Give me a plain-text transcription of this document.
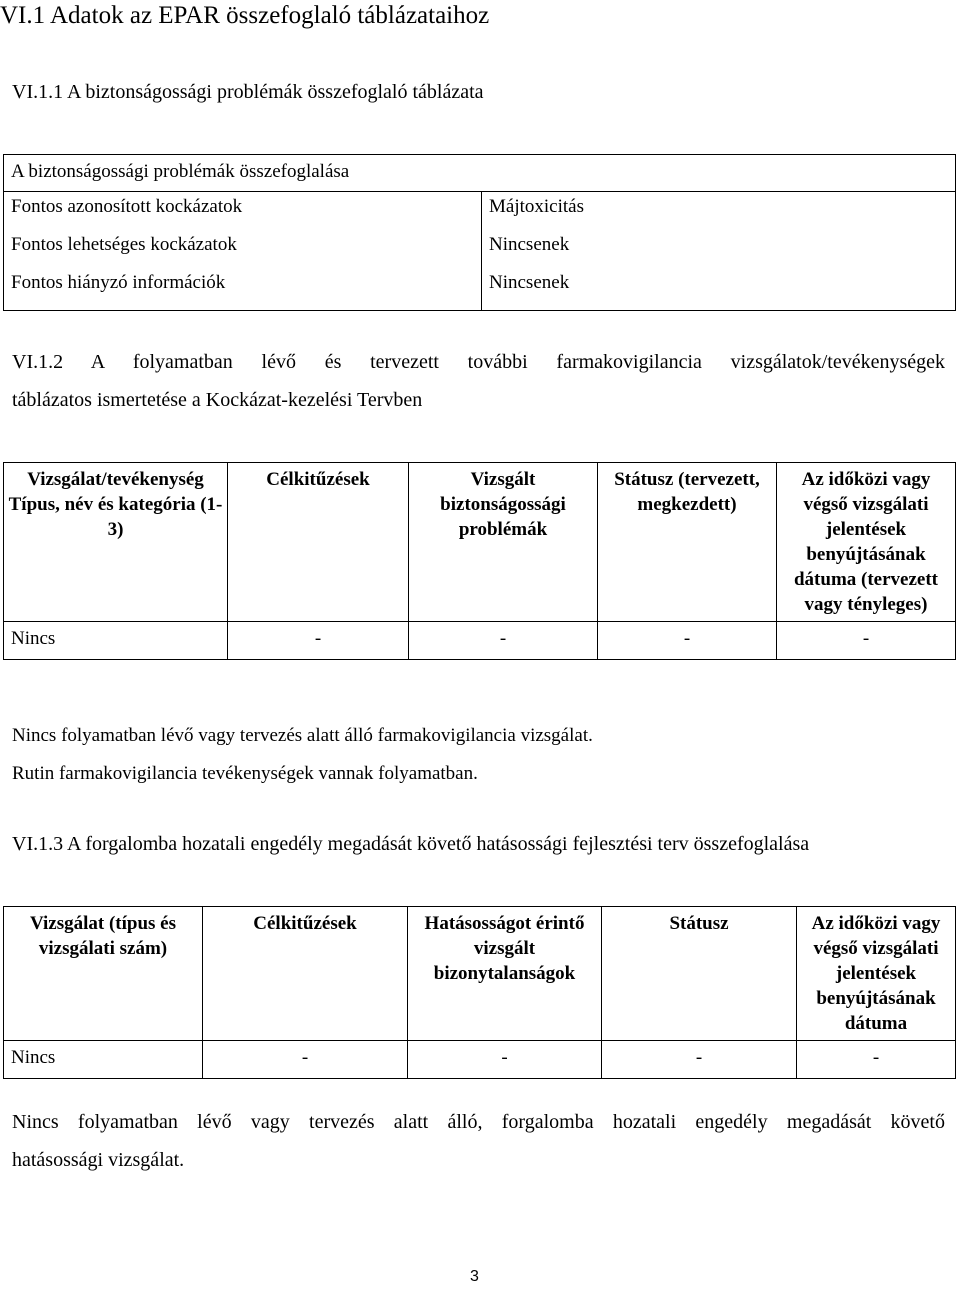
VI.1 Adatok az EPAR összefoglaló táblázataihoz
VI.1.1 A biztonságossági problémák összefoglaló táblázata
A biztonságossági problémák összefoglalása	
Fontos azonosított kockázatok	Májtoxicitás
Fontos lehetséges kockázatok	Nincsenek
Fontos hiányzó információk	Nincsenek
VI.1.2 A folyamatban lévő és tervezett további farmakovigilancia vizsgálatok/tevékenységek
táblázatos ismertetése a Kockázat-kezelési Tervben
Vizsgálat/tevékenység Típus, név és kategória (1-3)	Célkitűzések	Vizsgált biztonságossági problémák	Státusz (tervezett, megkezdett)	Az időközi vagy végső vizsgálati jelentések benyújtásának dátuma (tervezett vagy tényleges)
Nincs	-	-	-	-
Nincs folyamatban lévő vagy tervezés alatt álló farmakovigilancia vizsgálat.
Rutin farmakovigilancia tevékenységek vannak folyamatban.
VI.1.3 A forgalomba hozatali engedély megadását követő hatásossági fejlesztési terv összefoglalása
Vizsgálat (típus és vizsgálati szám)	Célkitűzések	Hatásosságot érintő vizsgált bizonytalanságok	Státusz	Az időközi vagy végső vizsgálati jelentések benyújtásának dátuma
Nincs	-	-	-	-
Nincs folyamatban lévő vagy tervezés alatt álló, forgalomba hozatali engedély megadását követő
hatásossági vizsgálat.
3
